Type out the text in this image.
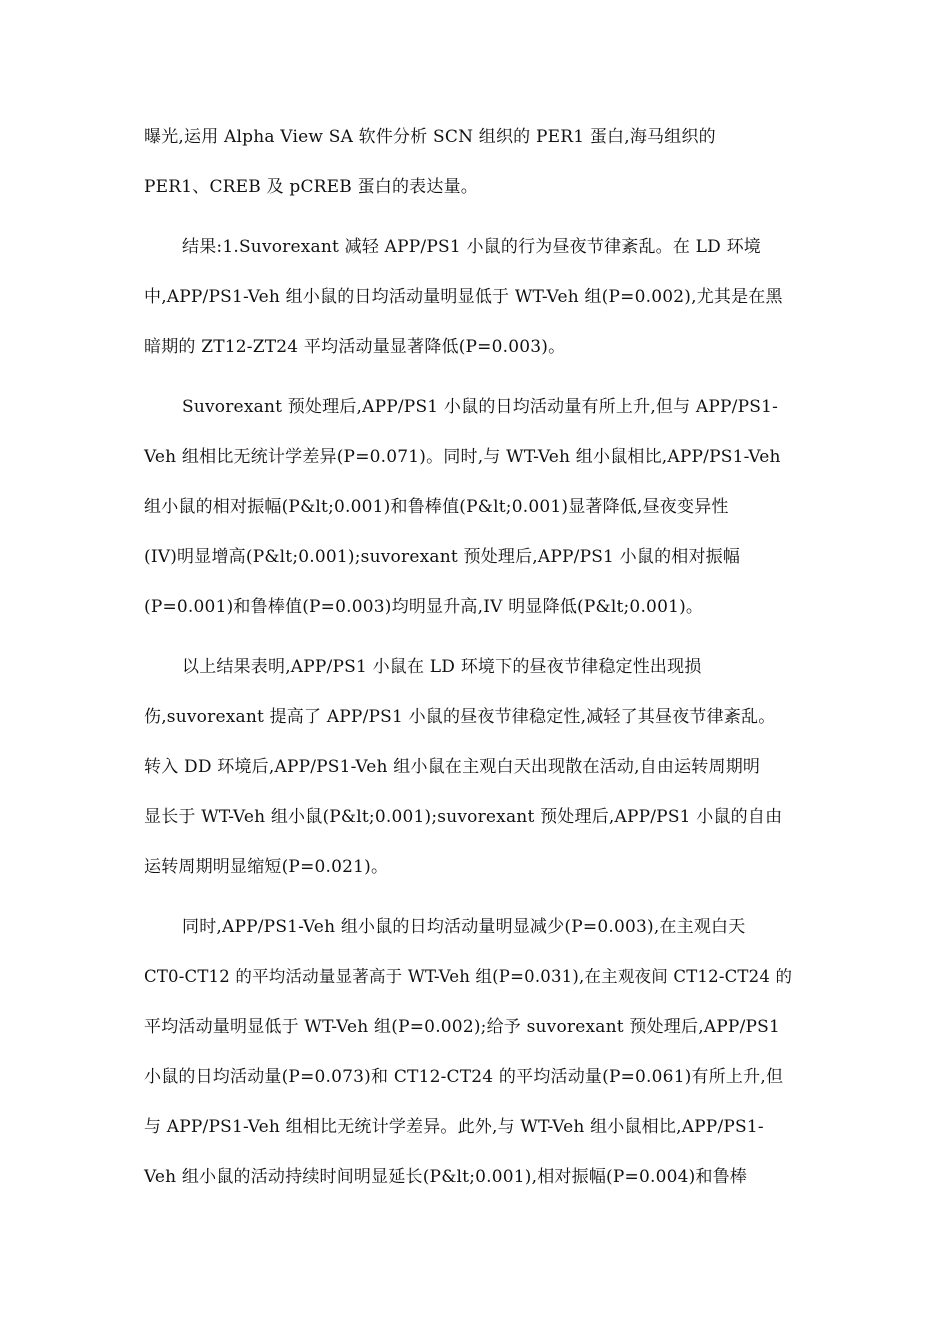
曝光,运用 Alpha View SA 软件分析 SCN 组织的 PER1 蛋白,海马组织的
PER1、CREB 及 pCREB 蛋白的表达量。
结果:1.Suvorexant 减轻 APP/PS1 小鼠的行为昼夜节律紊乱。在 LD 环境
中,APP/PS1-Veh 组小鼠的日均活动量明显低于 WT-Veh 组(P=0.002),尤其是在黑
暗期的 ZT12-ZT24 平均活动量显著降低(P=0.003)。
Suvorexant 预处理后,APP/PS1 小鼠的日均活动量有所上升,但与 APP/PS1-
Veh 组相比无统计学差异(P=0.071)。同时,与 WT-Veh 组小鼠相比,APP/PS1-Veh
组小鼠的相对振幅(P&lt;0.001)和鲁棒值(P&lt;0.001)显著降低,昼夜变异性
(IV)明显增高(P&lt;0.001);suvorexant 预处理后,APP/PS1 小鼠的相对振幅
(P=0.001)和鲁棒值(P=0.003)均明显升高,IV 明显降低(P&lt;0.001)。
以上结果表明,APP/PS1 小鼠在 LD 环境下的昼夜节律稳定性出现损
伤,suvorexant 提高了 APP/PS1 小鼠的昼夜节律稳定性,减轻了其昼夜节律紊乱。
转入 DD 环境后,APP/PS1-Veh 组小鼠在主观白天出现散在活动,自由运转周期明
显长于 WT-Veh 组小鼠(P&lt;0.001);suvorexant 预处理后,APP/PS1 小鼠的自由
运转周期明显缩短(P=0.021)。
同时,APP/PS1-Veh 组小鼠的日均活动量明显减少(P=0.003),在主观白天
CT0-CT12 的平均活动量显著高于 WT-Veh 组(P=0.031),在主观夜间 CT12-CT24 的
平均活动量明显低于 WT-Veh 组(P=0.002);给予 suvorexant 预处理后,APP/PS1
小鼠的日均活动量(P=0.073)和 CT12-CT24 的平均活动量(P=0.061)有所上升,但
与 APP/PS1-Veh 组相比无统计学差异。此外,与 WT-Veh 组小鼠相比,APP/PS1-
Veh 组小鼠的活动持续时间明显延长(P&lt;0.001),相对振幅(P=0.004)和鲁棒
